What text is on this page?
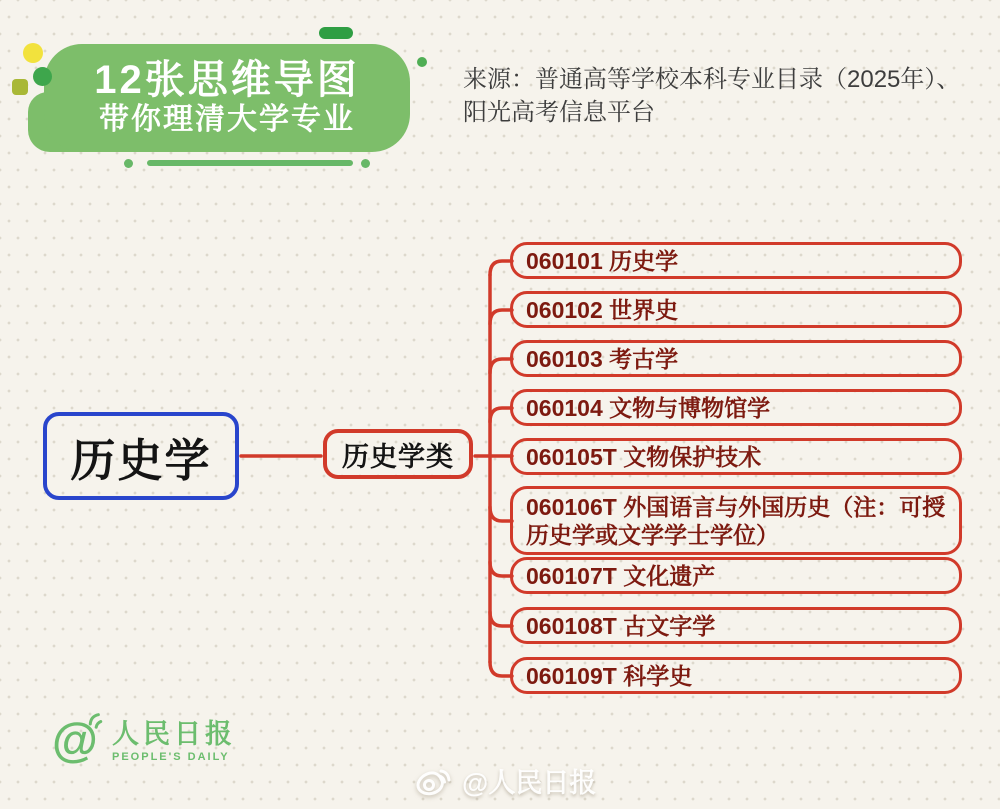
12张思维导图
带你理清大学专业
来源：普通高等学校本科专业目录（2025年）、
阳光高考信息平台
历史学	历史学类
060101 历史学
060102 世界史
060103 考古学
060104 文物与博物馆学
060105T 文物保护技术
060106T 外国语言与外国历史（注：可授历史学或文学学士学位）
060107T 文化遗产
060108T 古文字学
060109T 科学史
@ 人民日报
PEOPLE'S DAILY
@人民日报
